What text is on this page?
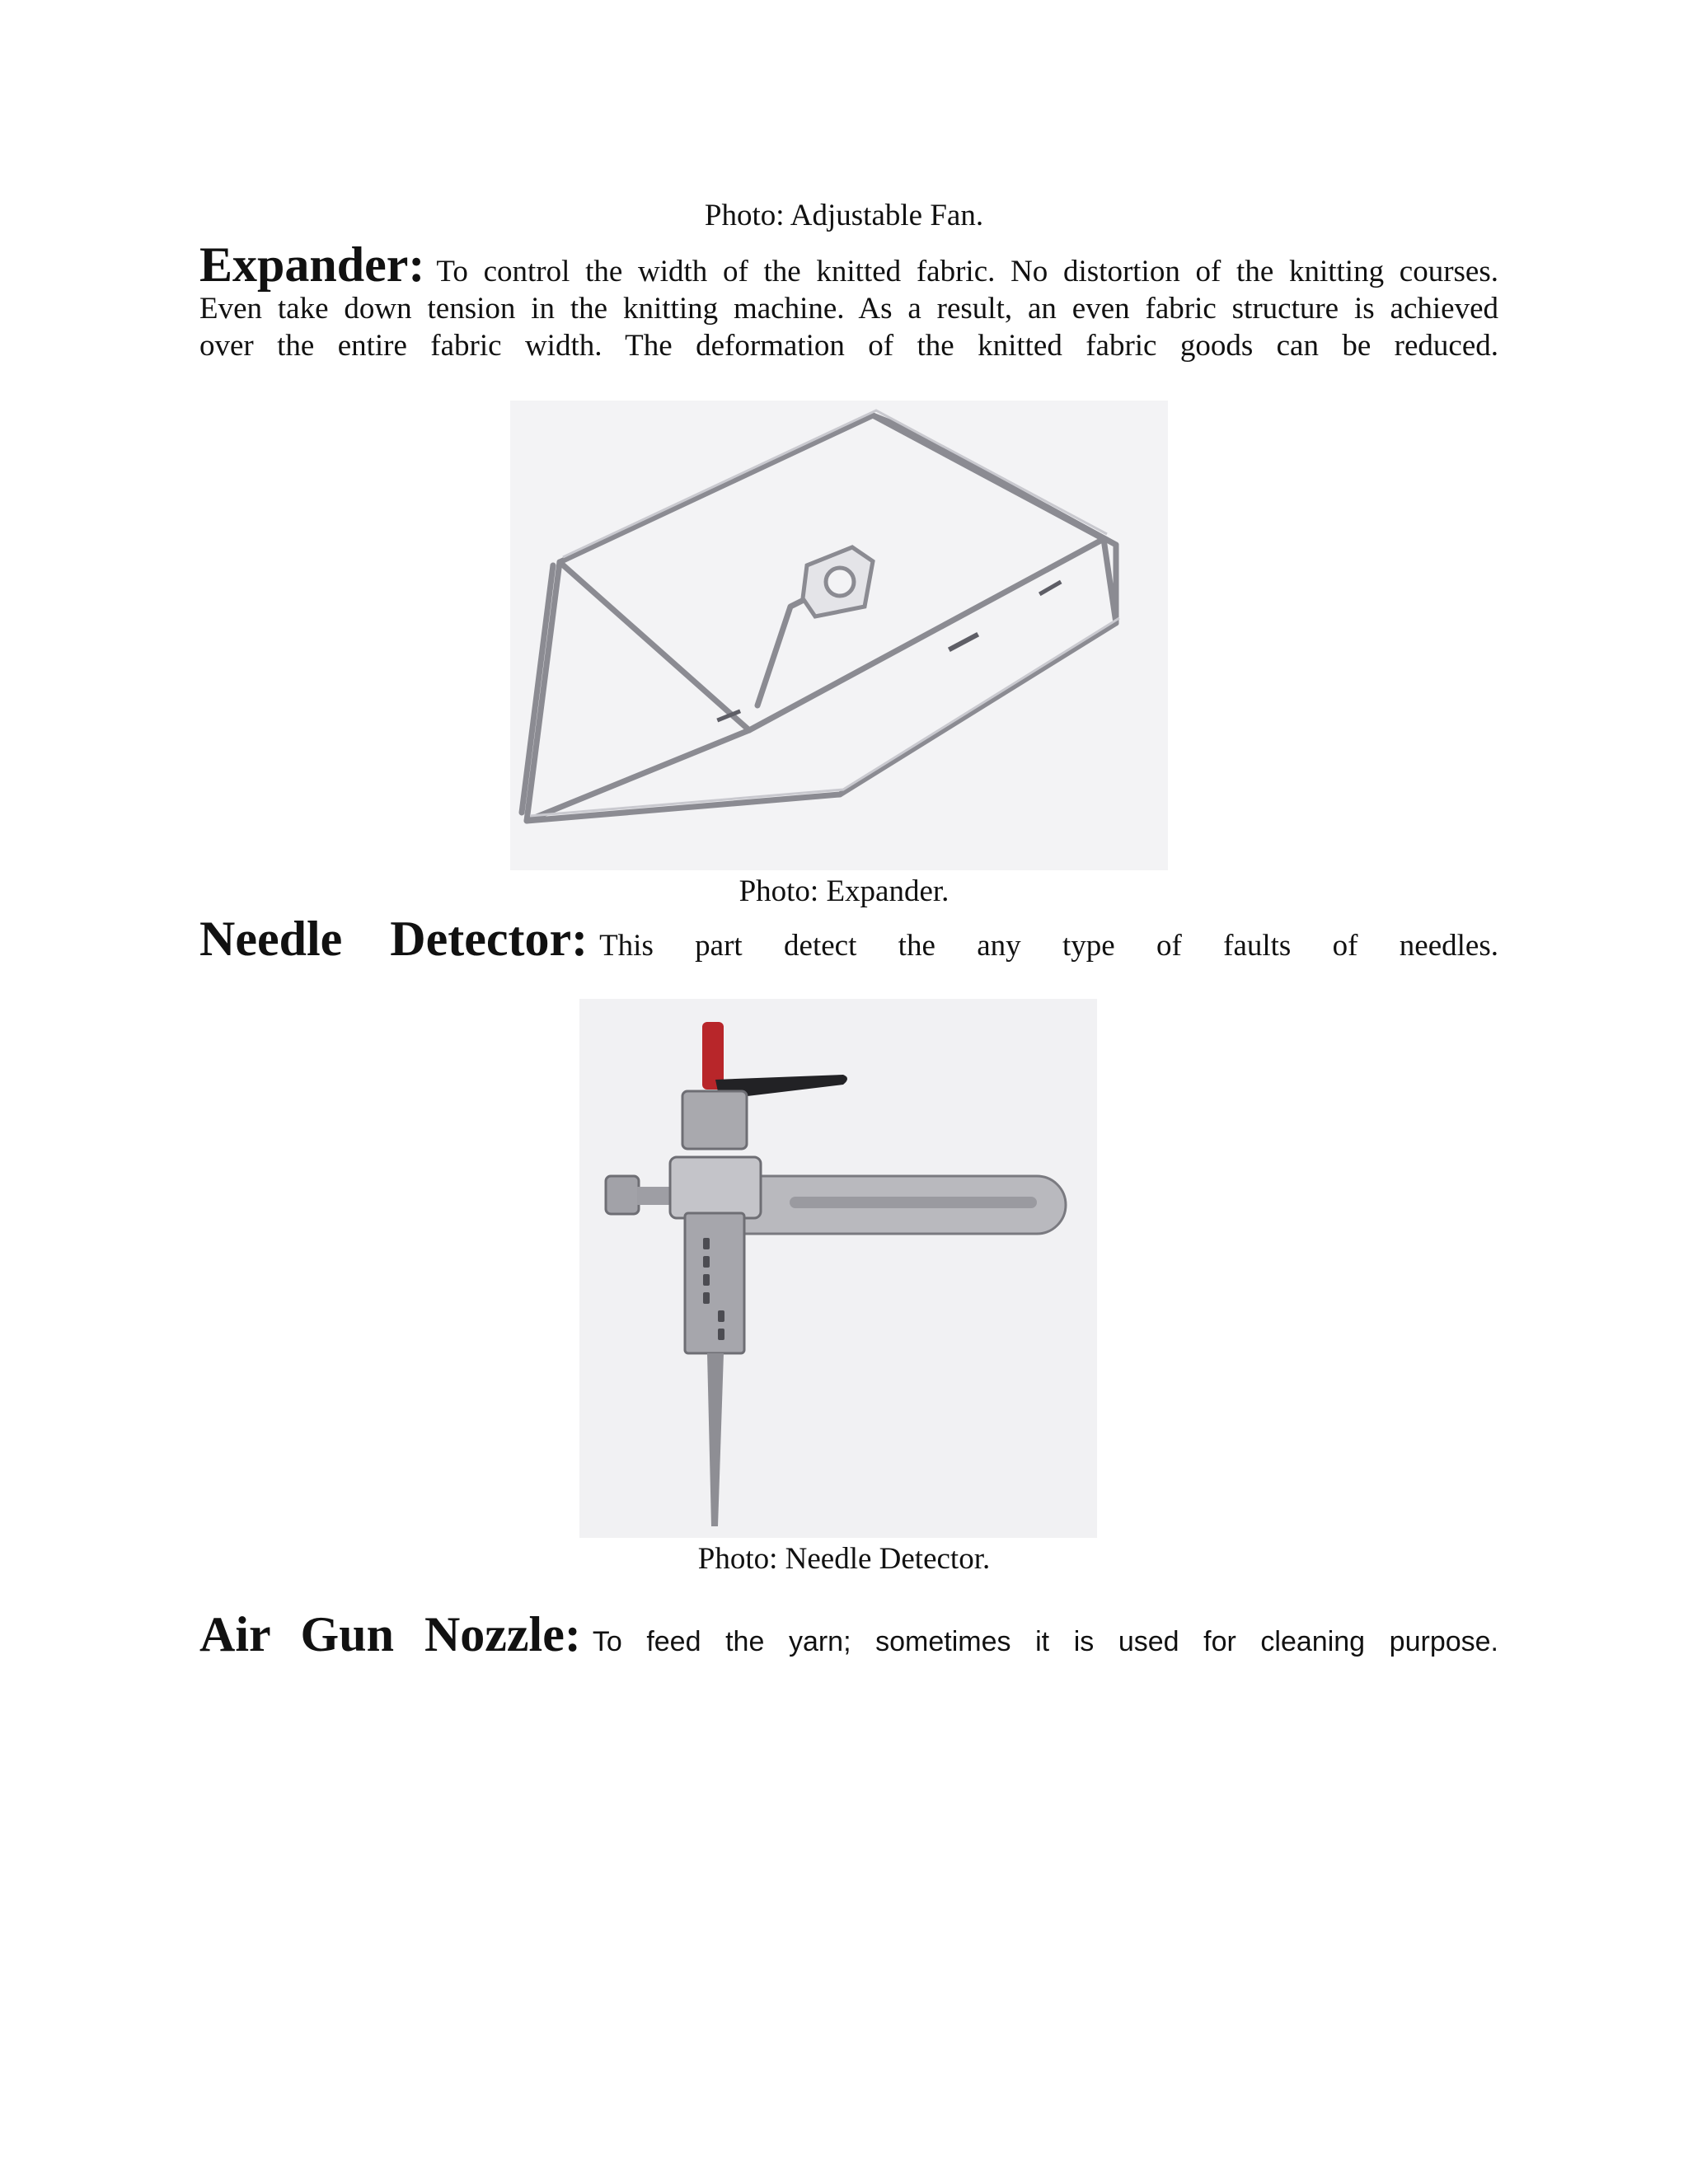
Photo: Adjustable Fan.
Expander: To control the width of the knitted fabric. No distortion of the knitting courses.
Even take down tension in the knitting machine. As a result, an even fabric structure is achieved
over the entire fabric width. The deformation of the knitted fabric goods can be reduced.
Photo: Expander.
Needle Detector: This part detect the any type of faults of needles.
Photo: Needle Detector.
Air Gun Nozzle: To feed the yarn; sometimes it is used for cleaning purpose.
